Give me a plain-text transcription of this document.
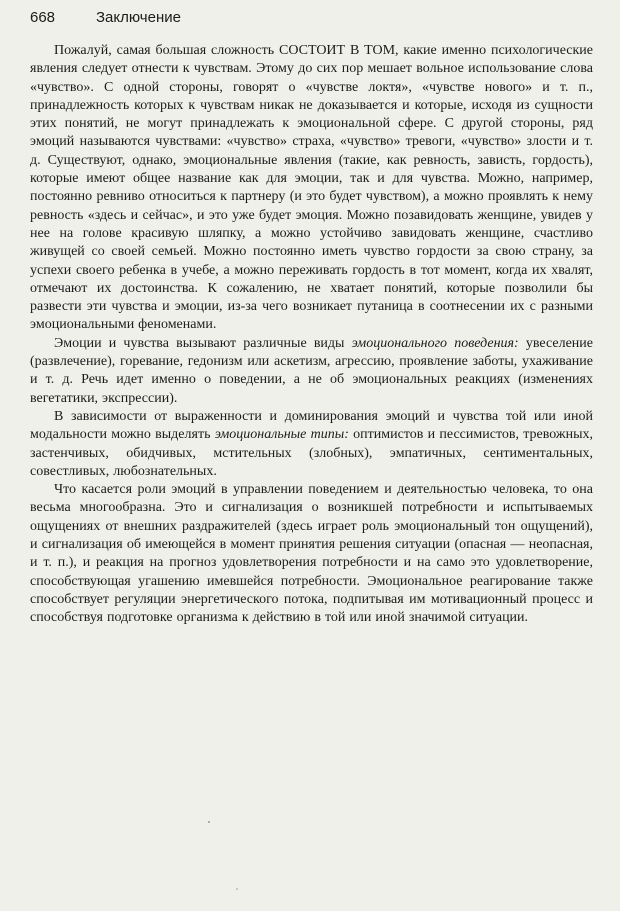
668	Заключение

Пожалуй, самая большая сложность СОСТОИТ В ТОМ, какие именно психологические явления следует отнести к чувствам. Этому до сих пор мешает вольное использование слова «чувство». С одной стороны, говорят о «чувстве локтя», «чувстве нового» и т. п., принадлежность которых к чувствам никак не доказывается и которые, исходя из сущности этих понятий, не могут принадлежать к эмоциональной сфере. С другой стороны, ряд эмоций называются чувствами: «чувство» страха, «чувство» тревоги, «чувство» злости и т. д. Существуют, однако, эмоциональные явления (такие, как ревность, зависть, гордость), которые имеют общее название как для эмоции, так и для чувства. Можно, например, постоянно ревниво относиться к партнеру (и это будет чувством), а можно проявлять к нему ревность «здесь и сейчас», и это уже будет эмоция. Можно позавидовать женщине, увидев у нее на голове красивую шляпку, а можно устойчиво завидовать женщине, счастливо живущей со своей семьей. Можно постоянно иметь чувство гордости за свою страну, за успехи своего ребенка в учебе, а можно переживать гордость в тот момент, когда их хвалят, отмечают их достоинства. К сожалению, не хватает понятий, которые позволили бы развести эти чувства и эмоции, из-за чего возникает путаница в соотнесении их с разными эмоциональными феноменами.

Эмоции и чувства вызывают различные виды эмоционального поведения: увеселение (развлечение), горевание, гедонизм или аскетизм, агрессию, проявление заботы, ухаживание и т. д. Речь идет именно о поведении, а не об эмоциональных реакциях (изменениях вегетатики, экспрессии).

В зависимости от выраженности и доминирования эмоций и чувства той или иной модальности можно выделять эмоциональные типы: оптимистов и пессимистов, тревожных, застенчивых, обидчивых, мстительных (злобных), эмпатичных, сентиментальных, совестливых, любознательных.

Что касается роли эмоций в управлении поведением и деятельностью человека, то она весьма многообразна. Это и сигнализация о возникшей потребности и испытываемых ощущениях от внешних раздражителей (здесь играет роль эмоциональный тон ощущений), и сигнализация об имеющейся в момент принятия решения ситуации (опасная — неопасная, и т. п.), и реакция на прогноз удовлетворения потребности и на само это удовлетворение, способствующая угашению имевшейся потребности. Эмоциональное реагирование также способствует регуляции энергетического потока, подпитывая им мотивационный процесс и способствуя подготовке организма к действию в той или иной значимой ситуации.
